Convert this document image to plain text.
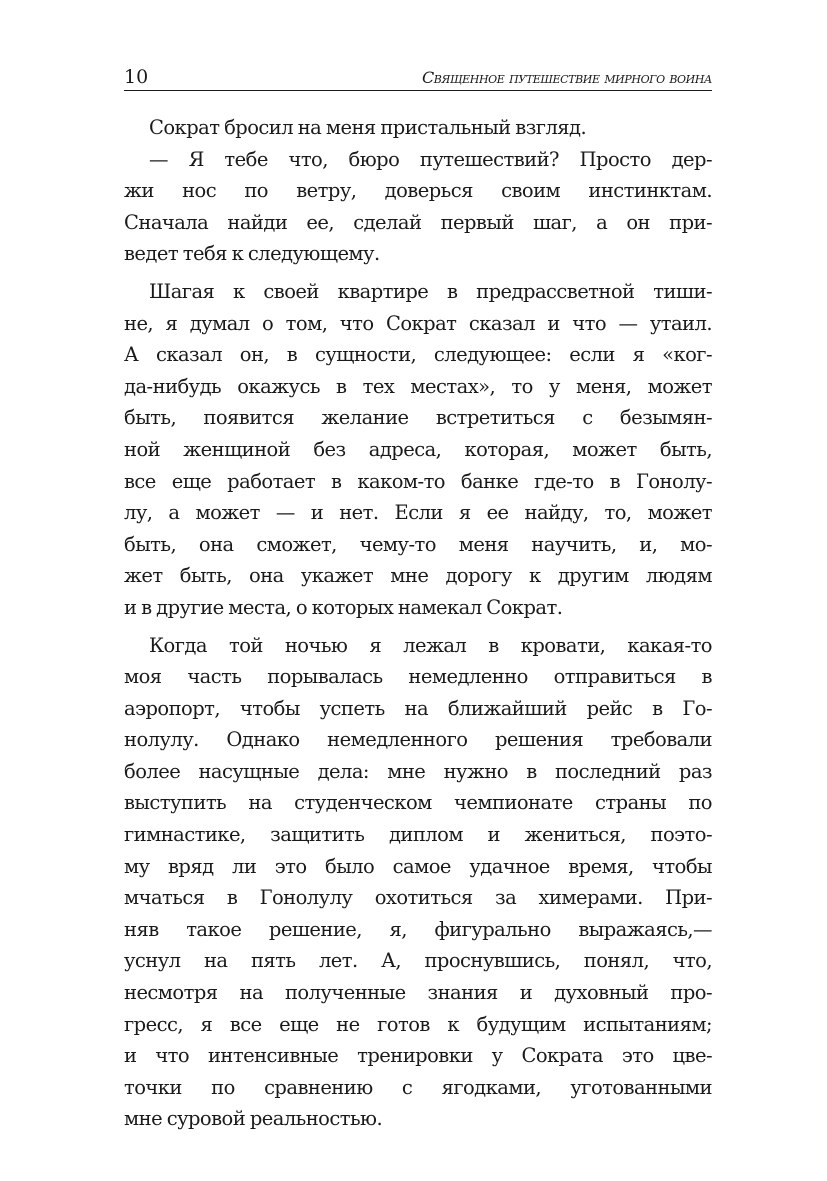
10	Священное путешествие мирного воина
Сократ бросил на меня пристальный взгляд.
— Я тебе что, бюро путешествий? Просто дер-
жи нос по ветру, доверься своим инстинктам.
Сначала найди ее, сделай первый шаг, а он при-
ведет тебя к следующему.
Шагая к своей квартире в предрассветной тиши-
не, я думал о том, что Сократ сказал и что — утаил.
А сказал он, в сущности, следующее: если я «ког-
да-нибудь окажусь в тех местах», то у меня, может
быть, появится желание встретиться с безымян-
ной женщиной без адреса, которая, может быть,
все еще работает в каком-то банке где-то в Гонолу-
лу, а может — и нет. Если я ее найду, то, может
быть, она сможет, чему-то меня научить, и, мо-
жет быть, она укажет мне дорогу к другим людям
и в другие места, о которых намекал Сократ.
Когда той ночью я лежал в кровати, какая-то
моя часть порывалась немедленно отправиться в
аэропорт, чтобы успеть на ближайший рейс в Го-
нолулу. Однако немедленного решения требовали
более насущные дела: мне нужно в последний раз
выступить на студенческом чемпионате страны по
гимнастике, защитить диплом и жениться, поэто-
му вряд ли это было самое удачное время, чтобы
мчаться в Гонолулу охотиться за химерами. При-
няв такое решение, я, фигурально выражаясь,—
уснул на пять лет. А, проснувшись, понял, что,
несмотря на полученные знания и духовный про-
гресс, я все еще не готов к будущим испытаниям;
и что интенсивные тренировки у Сократа это цве-
точки по сравнению с ягодками, уготованными
мне суровой реальностью.
